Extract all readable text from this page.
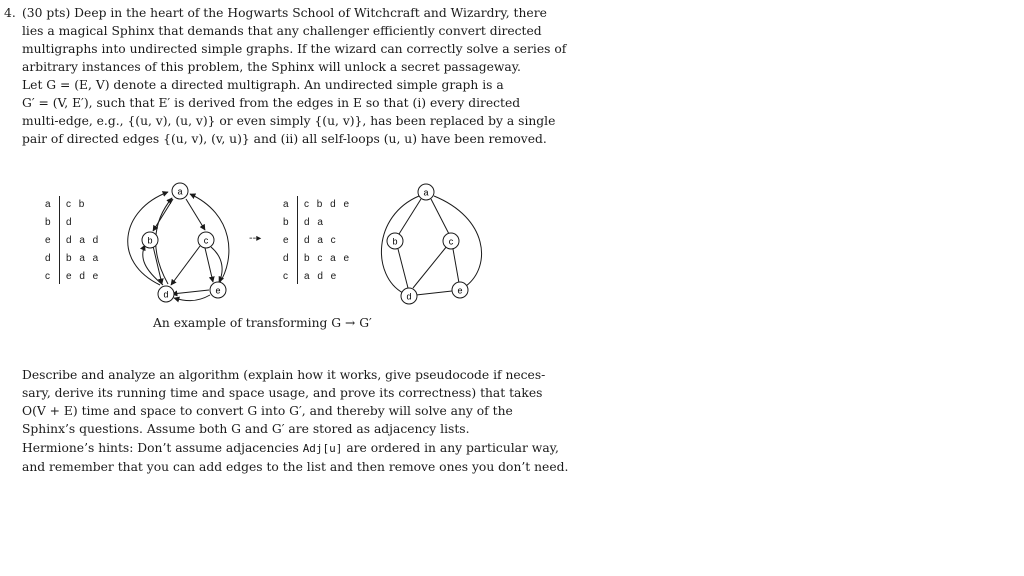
4. (30 pts) Deep in the heart of the Hogwarts School of Witchcraft and Wizardry, there
lies a magical Sphinx that demands that any challenger efficiently convert directed
multigraphs into undirected simple graphs. If the wizard can correctly solve a series of
arbitrary instances of this problem, the Sphinx will unlock a secret passageway.
Let G = (E, V) denote a directed multigraph. An undirected simple graph is a
G′ = (V, E′), such that E′ is derived from the edges in E so that (i) every directed
multi-edge, e.g., {(u, v), (u, v)} or even simply {(u, v)}, has been replaced by a single
pair of directed edges {(u, v), (v, u)} and (ii) all self-loops (u, u) have been removed.
a	c b
b	d
e	d a d
d	b a a
c	e d e
a	c b d e
b	d a
e	d a c
d	b c a e
c	a d e
--▸
a
b	c
d	e
a
b	c
d
e
An example of transforming G → G′
Describe and analyze an algorithm (explain how it works, give pseudocode if neces-
sary, derive its running time and space usage, and prove its correctness) that takes
O(V + E) time and space to convert G into G′, and thereby will solve any of the
Sphinx’s questions. Assume both G and G′ are stored as adjacency lists.
Hermione’s hints: Don’t assume adjacencies Adj[u] are ordered in any particular way,
and remember that you can add edges to the list and then remove ones you don’t need.
